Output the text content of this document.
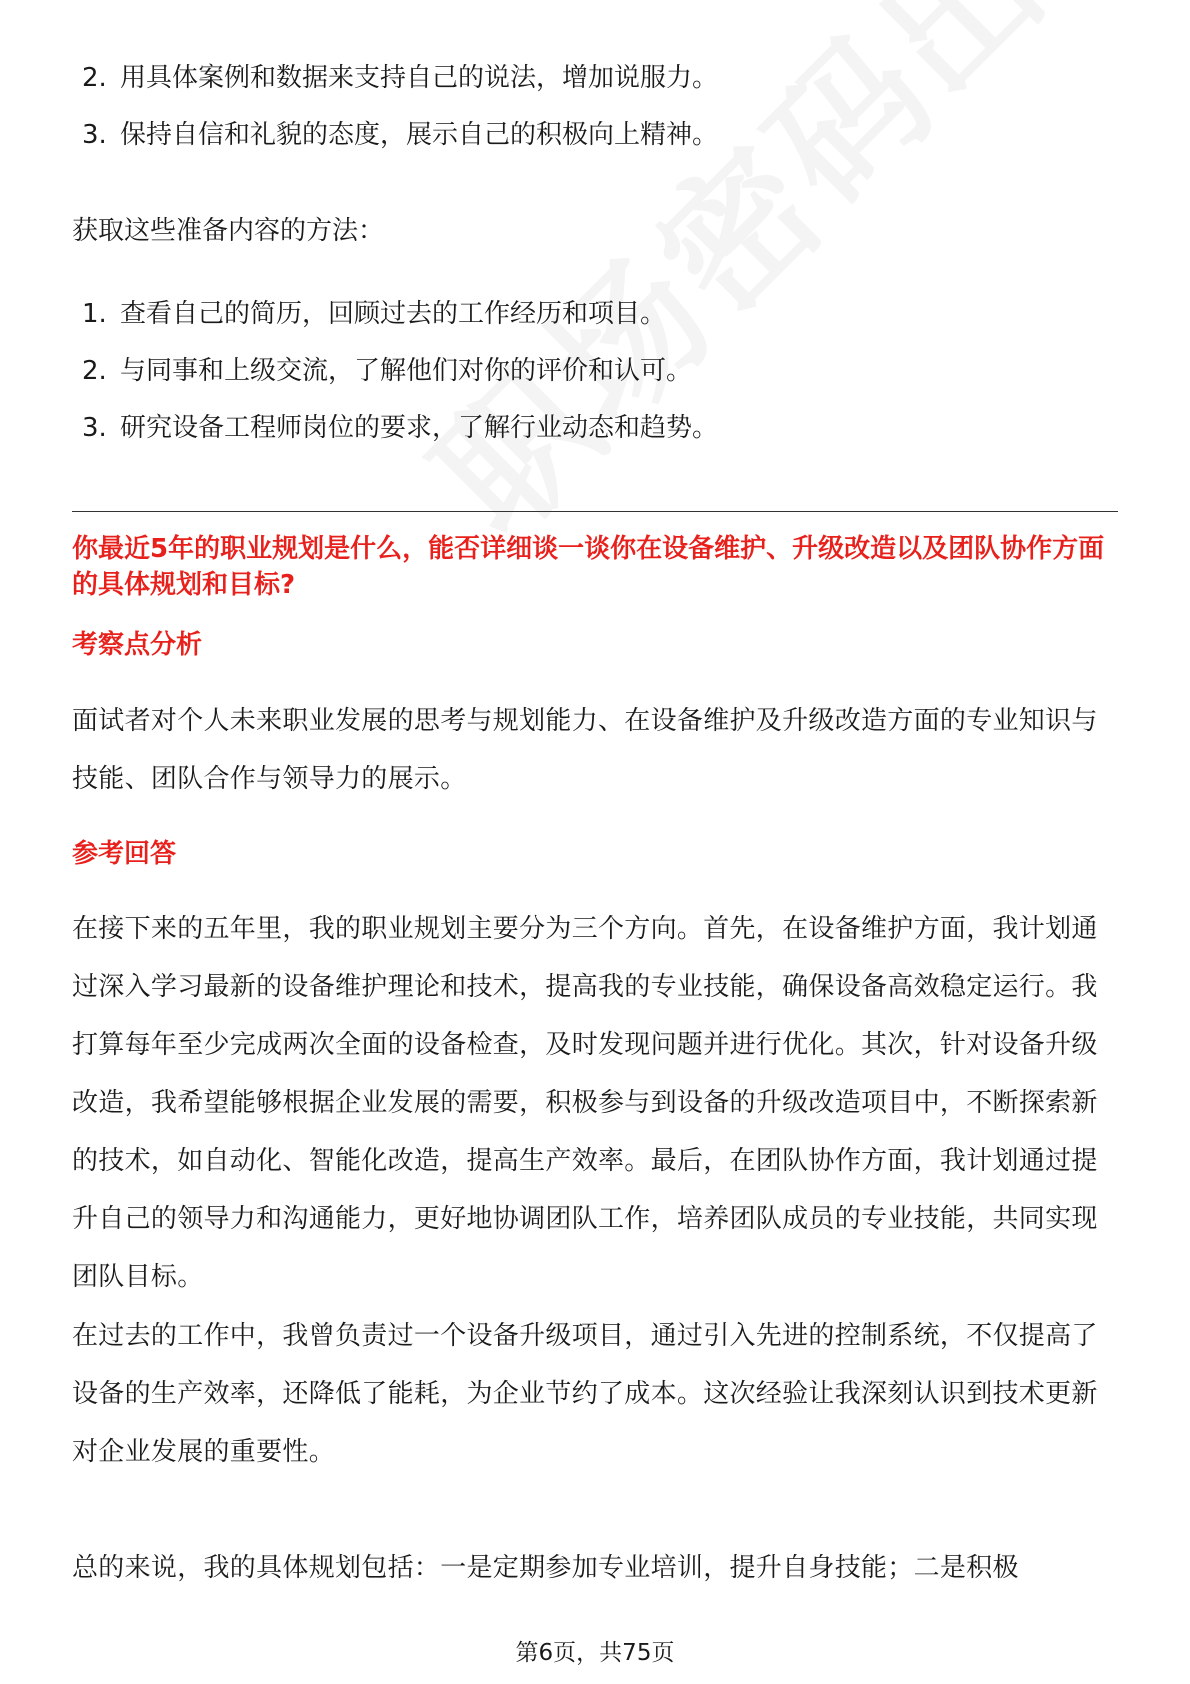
2. 用具体案例和数据来支持自己的说法，增加说服力。
3. 保持自信和礼貌的态度，展示自己的积极向上精神。

获取这些准备内容的方法：

1. 查看自己的简历，回顾过去的工作经历和项目。
2. 与同事和上级交流，了解他们对你的评价和认可。
3. 研究设备工程师岗位的要求，了解行业动态和趋势。

你最近5年的职业规划是什么，能否详细谈一谈你在设备维护、升级改造以及团队协作方面的具体规划和目标?

考察点分析

面试者对个人未来职业发展的思考与规划能力、在设备维护及升级改造方面的专业知识与技能、团队合作与领导力的展示。

参考回答

在接下来的五年里，我的职业规划主要分为三个方向。首先，在设备维护方面，我计划通过深入学习最新的设备维护理论和技术，提高我的专业技能，确保设备高效稳定运行。我打算每年至少完成两次全面的设备检查，及时发现问题并进行优化。其次，针对设备升级改造，我希望能够根据企业发展的需要，积极参与到设备的升级改造项目中，不断探索新的技术，如自动化、智能化改造，提高生产效率。最后，在团队协作方面，我计划通过提升自己的领导力和沟通能力，更好地协调团队工作，培养团队成员的专业技能，共同实现团队目标。

在过去的工作中，我曾负责过一个设备升级项目，通过引入先进的控制系统，不仅提高了设备的生产效率，还降低了能耗，为企业节约了成本。这次经验让我深刻认识到技术更新对企业发展的重要性。

总的来说，我的具体规划包括：一是定期参加专业培训，提升自身技能；二是积极

第6页，共75页
